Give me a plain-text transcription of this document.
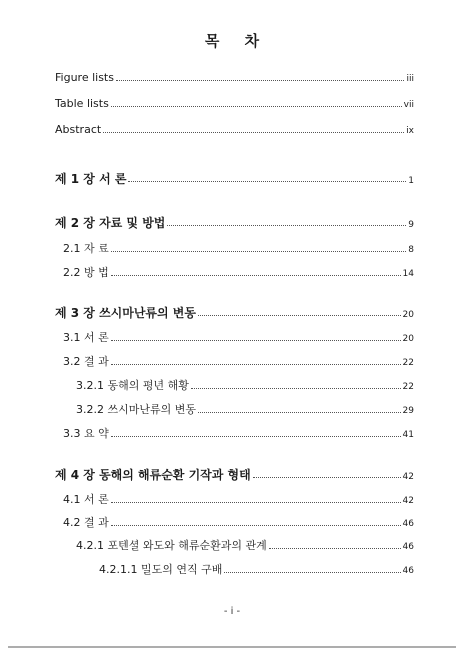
목 차
Figure lists	iii
Table lists	vii
Abstract	ix
제 1 장 서 론	1
제 2 장 자료 및 방법	9
2.1 자 료	8
2.2 방 법	14
제 3 장 쓰시마난류의 변동	20
3.1 서 론	20
3.2 결 과	22
3.2.1 동해의 평년 해황	22
3.2.2 쓰시마난류의 변동	29
3.3 요 약	41
제 4 장 동해의 해류순환 기작과 형태	42
4.1 서 론	42
4.2 결 과	46
4.2.1 포텐셜 와도와 해류순환과의 관계	46
4.2.1.1 밀도의 연직 구배	46
- i -
